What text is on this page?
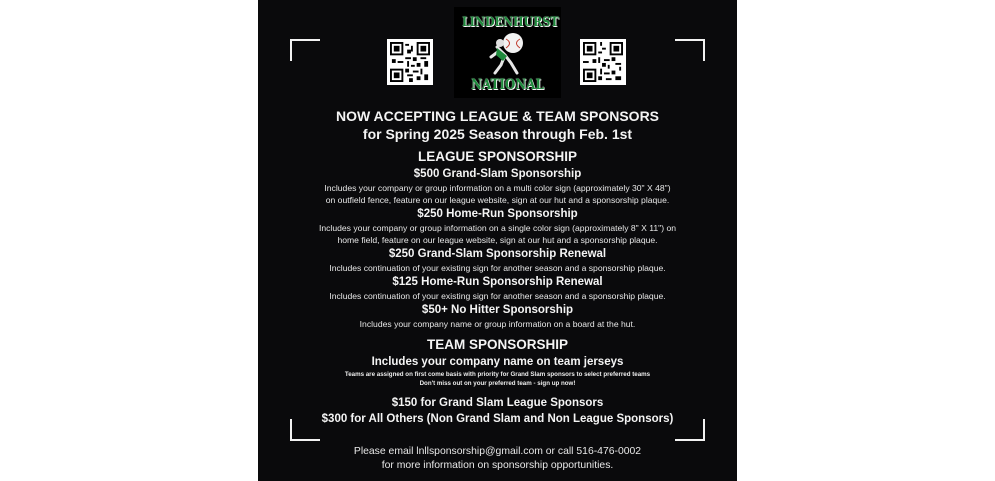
LINDENHURST
NATIONAL
NOW ACCEPTING LEAGUE & TEAM SPONSORS
for Spring 2025 Season through Feb. 1st
LEAGUE SPONSORSHIP
$500 Grand-Slam Sponsorship
Includes your company or group information on a multi color sign (approximately 30" X 48")
on outfield fence, feature on our league website, sign at our hut and a sponsorship plaque.
$250 Home-Run Sponsorship
Includes your company or group information on a single color sign (approximately 8" X 11") on
home field, feature on our league website, sign at our hut and a sponsorship plaque.
$250 Grand-Slam Sponsorship Renewal
Includes continuation of your existing sign for another season and a sponsorship plaque.
$125 Home-Run Sponsorship Renewal
Includes continuation of your existing sign for another season and a sponsorship plaque.
$50+ No Hitter Sponsorship
Includes your company name or group information on a board at the hut.
TEAM SPONSORSHIP
Includes your company name on team jerseys
Teams are assigned on first come basis with priority for Grand Slam sponsors to select preferred teams
Don't miss out on your preferred team - sign up now!
$150 for Grand Slam League Sponsors
$300 for All Others (Non Grand Slam and Non League Sponsors)
Please email lnllsponsorship@gmail.com or call 516-476-0002
for more information on sponsorship opportunities.
